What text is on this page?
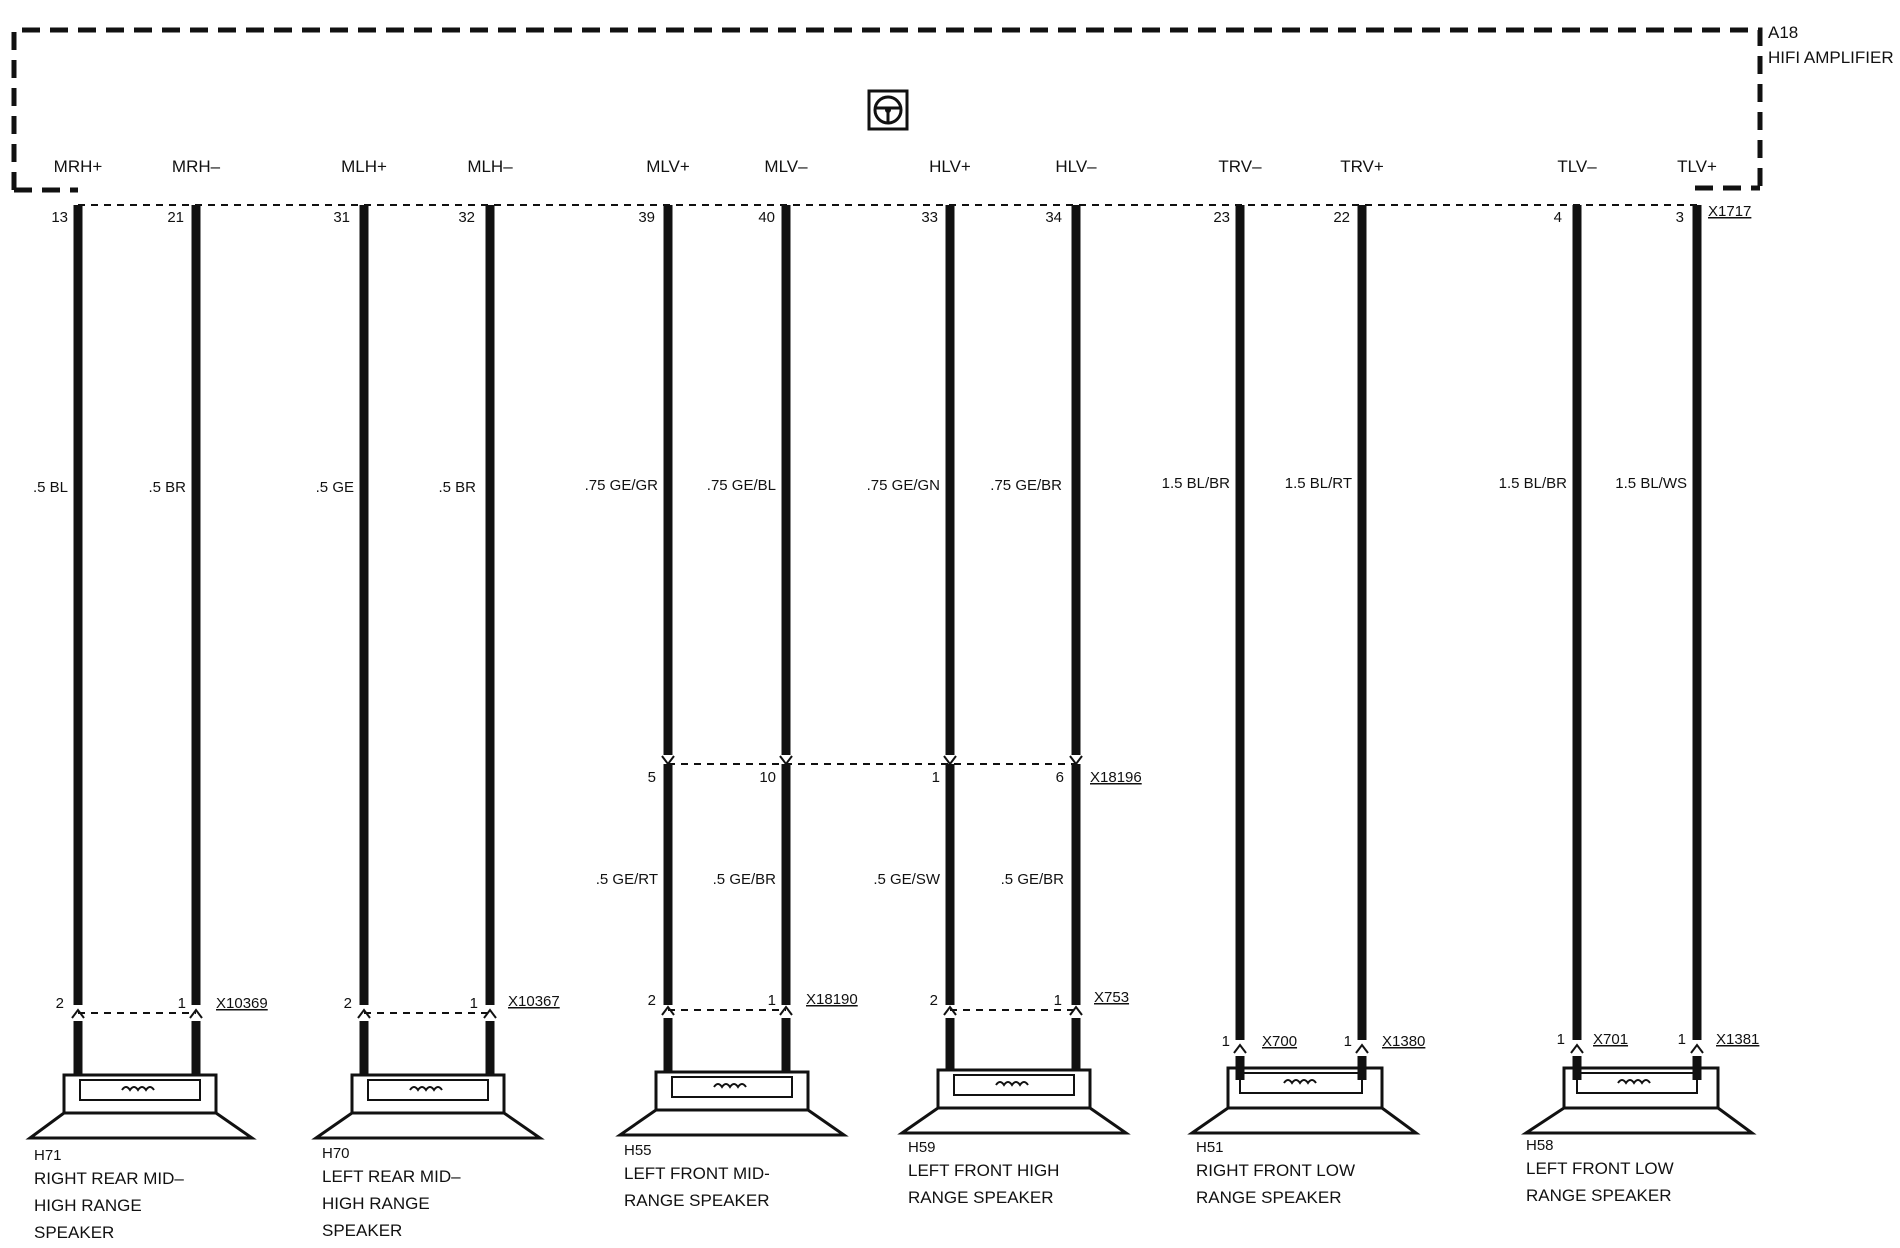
A18
HIFI AMPLIFIER
X1717
MRH+	MRH–	MLH+	MLH–	MLV+	MLV–	HLV+	HLV–	TRV–	TRV+	TLV–	TLV+
13	21	31	32	39	40	33	34	23	22	4	3
.5 BL	.5 BR	.5 GE	.5 BR	.75 GE/GR	.75 GE/BL	.75 GE/GN	.75 GE/BR	1.5 BL/BR	1.5 BL/RT	1.5 BL/BR	1.5 BL/WS
X18196
5	10	1	6
.5 GE/RT	.5 GE/BR	.5 GE/SW	.5 GE/BR
2	1 X10369	2	1 X10367	2	1 X18190	2	1 X753
1 X700	1 X1380	1 X701	1 X1381
H71
RIGHT REAR MID–
HIGH RANGE
SPEAKER
H70
LEFT REAR MID–
HIGH RANGE
SPEAKER
H55
LEFT FRONT MID-
RANGE SPEAKER
H59
LEFT FRONT HIGH
RANGE SPEAKER
H51
RIGHT FRONT LOW
RANGE SPEAKER
H58
LEFT FRONT LOW
RANGE SPEAKER
